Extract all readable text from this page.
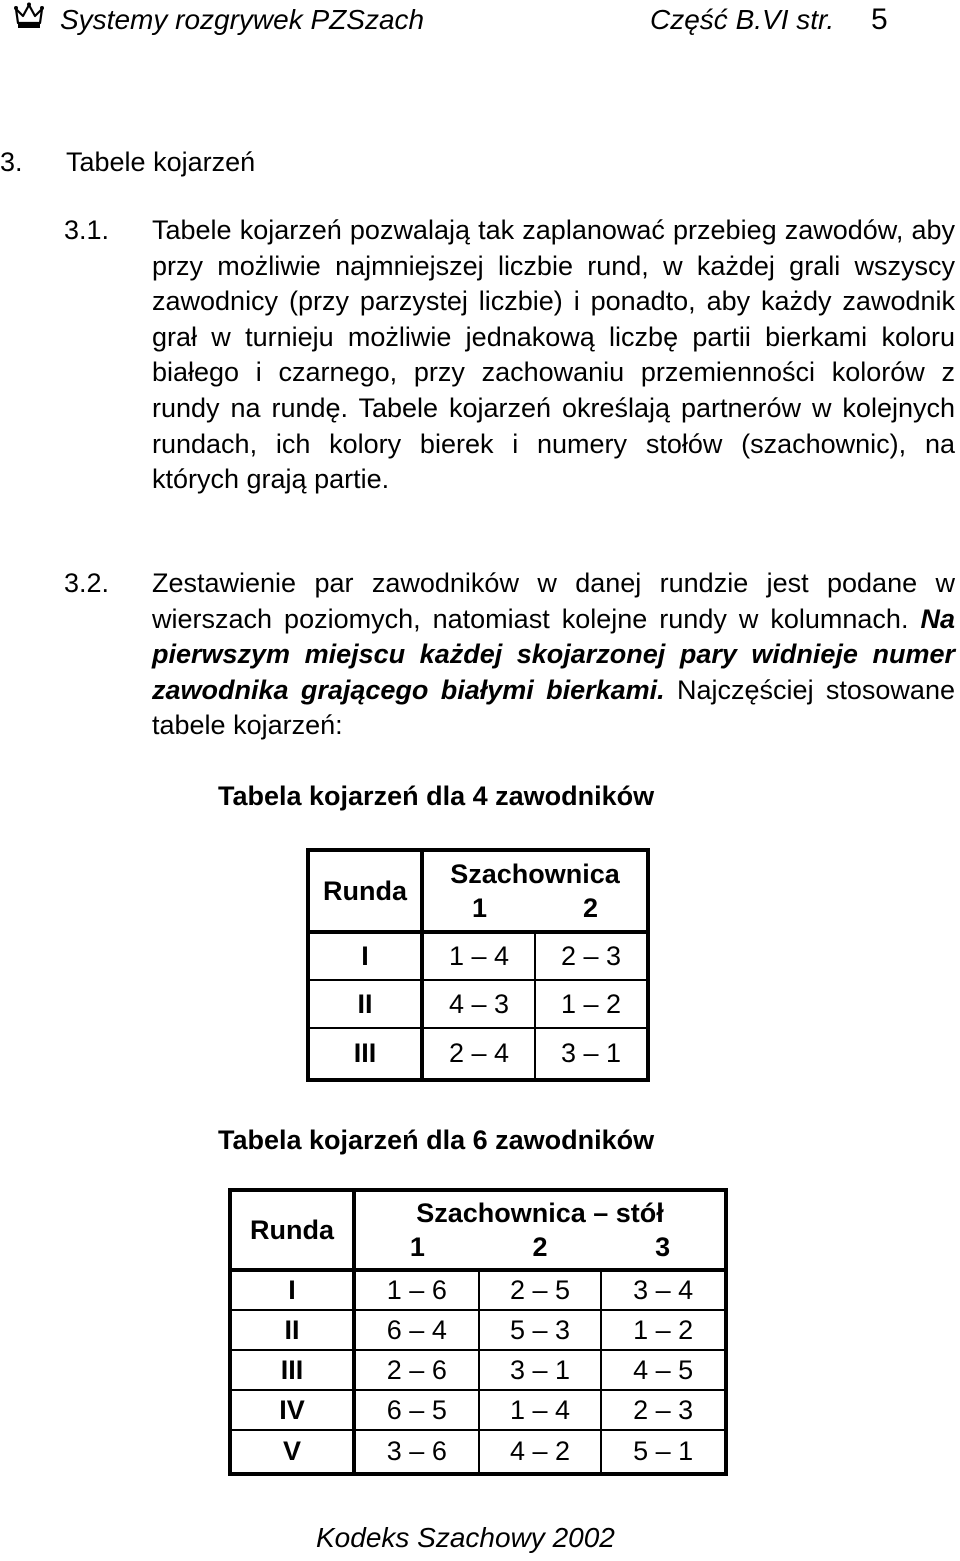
Systemy rozgrywek PZSzach	Część B.VI str. 5
3. Tabele kojarzeń
3.1. Tabele kojarzeń pozwalają tak zaplanować przebieg zawodów, aby przy możliwie najmniejszej liczbie rund, w każdej grali wszyscy zawodnicy (przy parzystej liczbie) i ponadto, aby każdy zawodnik grał w turnieju możliwie jednakową liczbę partii bierkami koloru białego i czarnego, przy zachowaniu przemienności kolorów z rundy na rundę. Tabele kojarzeń określają partnerów w kolejnych rundach, ich kolory bierek i numery stołów (szachownic), na których grają partie.

3.2. Zestawienie par zawodników w danej rundzie jest podane w wierszach poziomych, natomiast kolejne rundy w kolumnach. Na pierwszym miejscu każdej skojarzonej pary widnieje numer zawodnika grającego białymi bierkami. Najczęściej stosowane tabele kojarzeń:

Tabela kojarzeń dla 4 zawodników
Runda	Szachownica
1 2	

I	1 – 4	2 – 3
II	4 – 3	1 – 2
III	2 – 4	3 – 1
Tabela kojarzeń dla 6 zawodników
Runda	Szachownica – stół
1 2 3		

I	1 – 6	2 – 5	3 – 4
II	6 – 4	5 – 3	1 – 2
III	2 – 6	3 – 1	4 – 5
IV	6 – 5	1 – 4	2 – 3
V	3 – 6	4 – 2	5 – 1
Kodeks Szachowy 2002
